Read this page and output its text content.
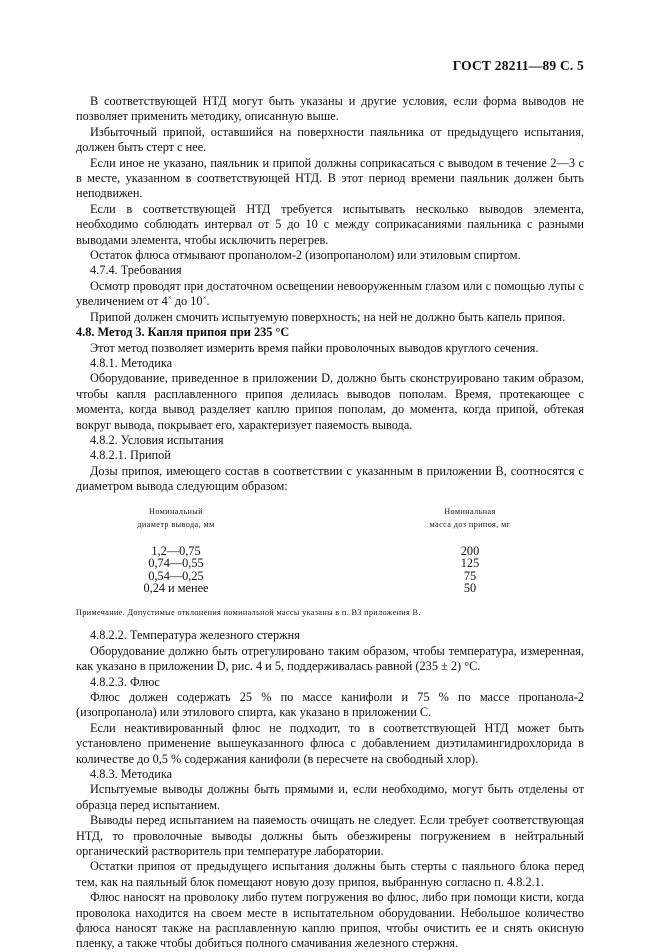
ГОСТ 28211—89 С. 5

В соответствующей НТД могут быть указаны и другие условия, если форма выводов не позволяет применить методику, описанную выше.

Избыточный припой, оставшийся на поверхности паяльника от предыдущего испытания, должен быть стерт с нее.

Если иное не указано, паяльник и припой должны соприкасаться с выводом в течение 2—3 с в месте, указанном в соответствующей НТД. В этот период времени паяльник должен быть неподвижен.

Если в соответствующей НТД требуется испытывать несколько выводов элемента, необходимо соблюдать интервал от 5 до 10 с между соприкасаниями паяльника с разными выводами элемента, чтобы исключить перегрев.

Остаток флюса отмывают пропанолом-2 (изопропанолом) или этиловым спиртом.

4.7.4. Требования

Осмотр проводят при достаточном освещении невооруженным глазом или с помощью лупы с увеличением от 4× до 10×.

Припой должен смочить испытуемую поверхность; на ней не должно быть капель припоя.

4.8. Метод 3. Капля припоя при 235 °С

Этот метод позволяет измерить время пайки проволочных выводов круглого сечения.

4.8.1. Методика

Оборудование, приведенное в приложении D, должно быть сконструировано таким образом, чтобы капля расплавленного припоя делилась выводов пополам. Время, протекающее с момента, когда вывод разделяет каплю припоя пополам, до момента, когда припой, обтекая вокруг вывода, покрывает его, характеризует паяемость вывода.

4.8.2. Условия испытания

4.8.2.1. Припой

Дозы припоя, имеющего состав в соответствии с указанным в приложении В, соотносятся с диаметром вывода следующим образом:

Номинальный
диаметр вывода, мм
1,2—0,75
0,74—0,55
0,54—0,25
0,24 и менее
Номинальная
масса доз припоя, мг
200
125
75
50

Примечание. Допустимые отклонения номинальной массы указаны в п. В3 приложения В.

4.8.2.2. Температура железного стержня

Оборудование должно быть отрегулировано таким образом, чтобы температура, измеренная, как указано в приложении D, рис. 4 и 5, поддерживалась равной (235 ± 2) °С.

4.8.2.3. Флюс

Флюс должен содержать 25 % по массе канифоли и 75 % по массе пропанола-2 (изопропанола) или этилового спирта, как указано в приложении С.

Если неактивированный флюс не подходит, то в соответствующей НТД может быть установлено применение вышеуказанного флюса с добавлением диэтиламингидрохлорида в количестве до 0,5 % содержания канифоли (в пересчете на свободный хлор).

4.8.3. Методика

Испытуемые выводы должны быть прямыми и, если необходимо, могут быть отделены от образца перед испытанием.

Выводы перед испытанием на паяемость очищать не следует. Если требует соответствующая НТД, то проволочные выводы должны быть обезжирены погружением в нейтральный органический растворитель при температуре лаборатории.

Остатки припоя от предыдущего испытания должны быть стерты с паяльного блока перед тем, как на паяльный блок помещают новую дозу припоя, выбранную согласно п. 4.8.2.1.

Флюс наносят на проволоку либо путем погружения во флюс, либо при помощи кисти, когда проволока находится на своем месте в испытательном оборудовании. Небольшое количество флюса наносят также на расплавленную каплю припоя, чтобы очистить ее и снять окисную пленку, а также чтобы добиться полного смачивания железного стержня.
